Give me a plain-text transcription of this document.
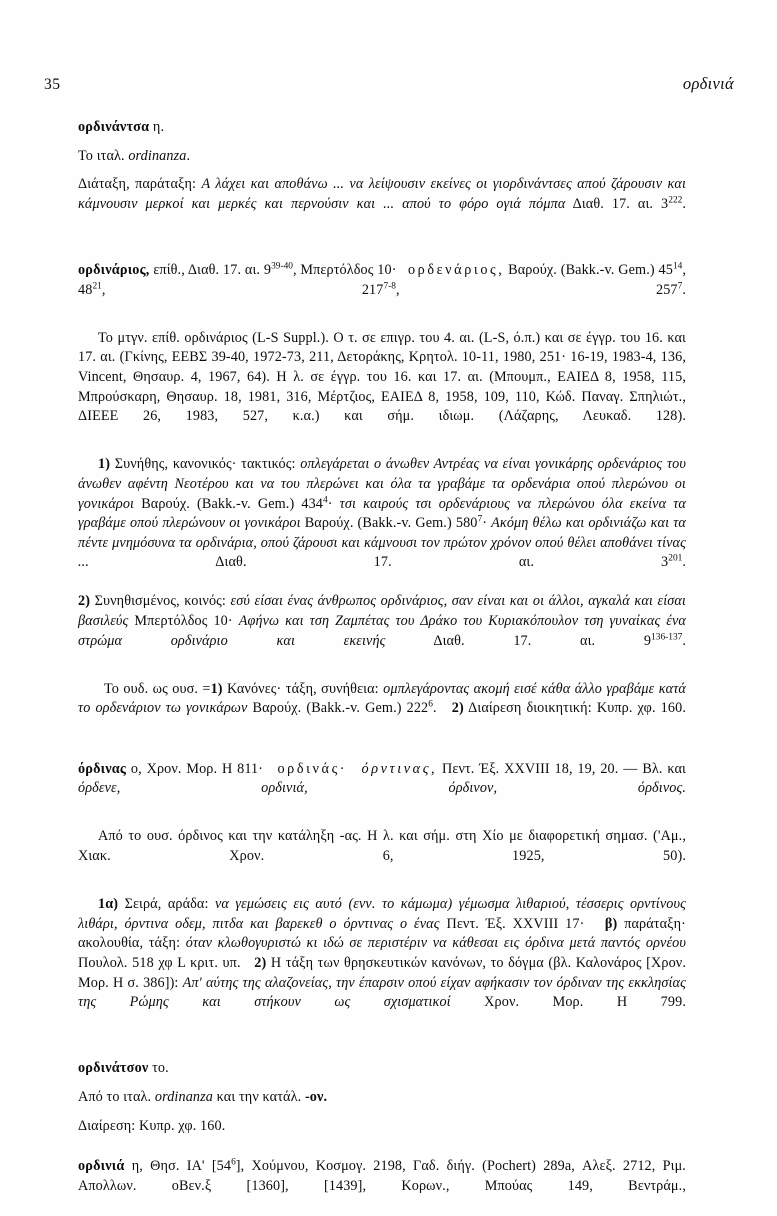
35	ορδινιά

ορδινάντσα η.

Το ιταλ. ordinanza.

Διάταξη, παράταξη: Α λάχει και αποθάνω ... να λείψουσιν εκείνες οι γιορδινάντσες απού ζάρουσιν και κάμνουσιν μερκοί και μερκές και περνούσιν και ... απού το φόρο ογιά πόμπα Διαθ. 17. αι. $3^{222}$.

ορδινάριος, επίθ., Διαθ. 17. αι. 9$^{39-40}$, Μπερτόλδος 10· ορδενάριος, Βαρούχ. (Bakk.-v. Gem.) $45^{14}$, $48^{21}$, 217$^{7-8}$, $257^7$.

Το μτγν. επίθ. ορδινάριος (L-S Suppl.). Ο τ. σε επιγρ. του 4. αι. (L-S, ό.π.) και σε έγγρ. του 16. και 17. αι. (Γκίνης, ΕΕΒΣ 39-40, 1972-73, 211, Δετοράκης, Κρητολ. 10-11, 1980, 251· 16-19, 1983-4, 136, Vincent, Θησαυρ. 4, 1967, 64). Η λ. σε έγγρ. του 16. και 17. αι. (Μπουμπ., ΕΑΙΕΔ 8, 1958, 115, Μπρούσκαρη, Θησαυρ. 18, 1981, 316, Μέρτζιος, ΕΑΙΕΔ 8, 1958, 109, 110, Κώδ. Παναγ. Σπηλιώτ., ΔΙΕΕΕ 26, 1983, 527, κ.α.) και σήμ. ιδιωμ. (Λάζαρης, Λευκαδ. 128).

1) Συνήθης, κανονικός· τακτικός: οπλεγάρεται ο άνωθεν Αντρέας να είναι γονικάρης ορδενάριος του άνωθεν αφέντη Νεοτέρου και να του πλερώνει και όλα τα γραβάμε τα ορδενάρια οπού πλερώνου οι γονικάροι Βαρούχ. (Bakk.-v. Gem.) $434^4\cdot \tau\sigma\iota$ καιρούς τσι ορδενάριους να πλερώνου όλα εκείνα τα γραβάμε οπού πλερώνουν οι γονικάροι Βαρούχ. (Bakk.-v. Gem.) $580^7\cdot A\kappa ό\mu\eta$ θέλω και ορδινιάζω και τα πέντε μνημόσυνα τα ορδινάρια, οπού ζάρουσι και κάμνουσι τον πρώτον χρόνον οπού θέλει αποθάνει τίνας ...	Διαθ. 17. αι. $3^{201}$.

2) Συνηθισμένος, κοινός: εσύ είσαι ένας άνθρωπος ορδινάριος, σαν είναι και οι άλλοι, αγκαλά και είσαι βασιλεύς Μπερτόλδος 10· Αφήνω και τση Ζαμπέτας του Δράκο του Κυριακόπουλον τση γυναίκας ένα στρώμα ορδινάριο και εκεινής	Διαθ. 17. αι. 9$^{136-137}$.

Το ουδ. ως ουσ. =1) Κανόνες· τάξη, συνήθεια: ομπλεγάροντας ακομή εισέ κάθα άλλο γραβάμε κατά το ορδενάριον τω γονικάρων Βαρούχ. (Bakk.-v. Gem.) $222^6$. 2) Διαίρεση διοικητική: Κυπρ. χφ. 160.

όρδινας ο, Χρον. Μορ. Η 811· ορδινάς· όρντινας, Πεντ. Έξ. XXVIII 18, 19, 20. — Βλ. και όρδενε, ορδινιά, όρδινον, όρδινος.

Από το ουσ. όρδινος και την κατάληξη -ας. Η λ. και σήμ. στη Χίο με διαφορετική σημασ. ('Αμ., Χιακ. Χρον. 6, 1925, 50).

1α) Σειρά, αράδα: να γεμώσεις εις αυτό (ενν. το κάμωμα) γέμωσμα λιθαριού, τέσσερις ορντίνους λιθάρι, όρντινα οδεμ, πιτδα και βαρεκεθ ο όρντινας ο ένας Πεντ. Έξ. XXVIII 17· β) παράταξη· ακολουθία, τάξη: όταν κλωθογυριστώ κι ιδώ σε περιστέριν να κάθεσαι εις όρδινα μετά παντός ορνέου Πουλολ. 518 χφ L κριτ. υπ. 2) Η τάξη των θρησκευτικών κανόνων, το δόγμα (βλ. Καλονάρος [Χρον. Μορ. Η σ. 386]): Απ' αύτης της αλαζονείας, την έπαρσιν οπού είχαν αφήκασιν τον όρδιναν της εκκλησίας της Ρώμης και στήκουν ως σχισματικοί Χρον. Μορ. Η 799.

ορδινάτσον το.

Από το ιταλ. ordinanza και την κατάλ. -ον.

Διαίρεση: Κυπρ. χφ. 160.

ορδινιά η, Θησ. ΙΑ' $[54^6]$, Χούμνου, Κοσμογ. 2198, Γαδ. διήγ. (Pochert) 289a, Αλεξ. 2712, Ριμ. Απολλων. οΒεν.ξ [1360], [1439], Κορων., Μπούας 149, Βεντράμ.,
